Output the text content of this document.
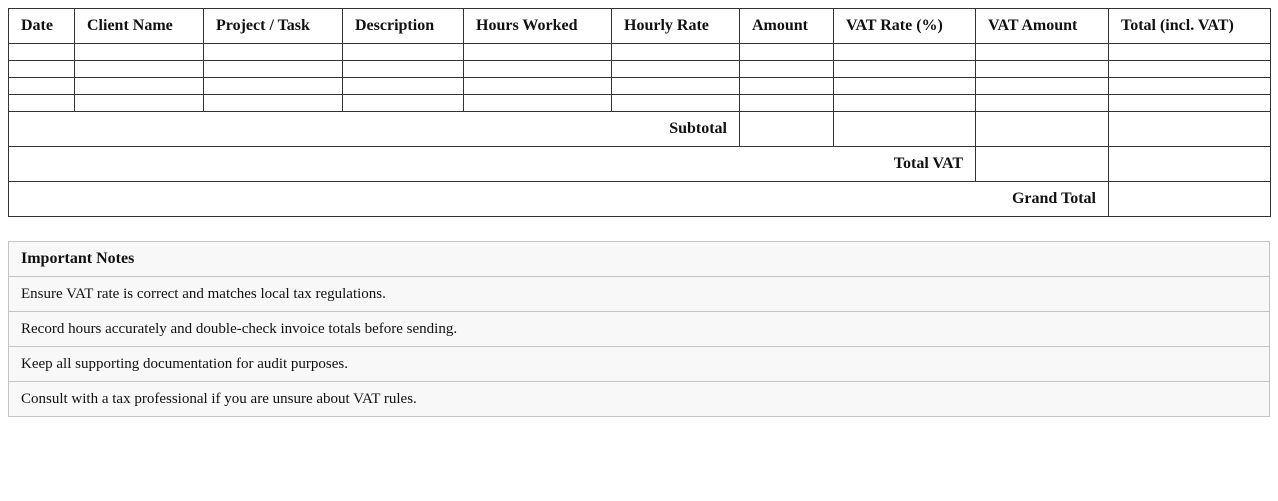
Date	Client Name	Project / Task	Description	Hours Worked	Hourly Rate	Amount	VAT Rate (%)	VAT Amount	Total (incl. VAT)

Subtotal									
Total VAT									
Grand Total									
Important Notes
Ensure VAT rate is correct and matches local tax regulations.
Record hours accurately and double-check invoice totals before sending.
Keep all supporting documentation for audit purposes.
Consult with a tax professional if you are unsure about VAT rules.
